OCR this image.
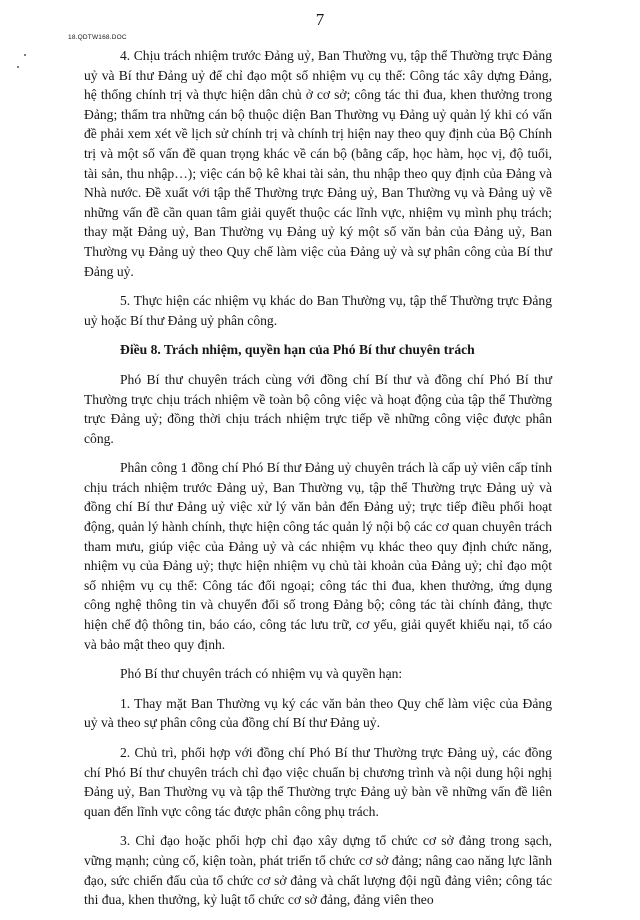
7
18.QDTW168.DOC

4. Chịu trách nhiệm trước Đảng uỷ, Ban Thường vụ, tập thể Thường trực Đảng uỷ và Bí thư Đảng uỷ để chỉ đạo một số nhiệm vụ cụ thể: Công tác xây dựng Đảng, hệ thống chính trị và thực hiện dân chủ ở cơ sở; công tác thi đua, khen thưởng trong Đảng; thẩm tra những cán bộ thuộc diện Ban Thường vụ Đảng uỷ quản lý khi có vấn đề phải xem xét về lịch sử chính trị và chính trị hiện nay theo quy định của Bộ Chính trị và một số vấn đề quan trọng khác về cán bộ (bằng cấp, học hàm, học vị, độ tuổi, tài sản, thu nhập…); việc cán bộ kê khai tài sản, thu nhập theo quy định của Đảng và Nhà nước. Đề xuất với tập thể Thường trực Đảng uỷ, Ban Thường vụ và Đảng uỷ về những vấn đề cần quan tâm giải quyết thuộc các lĩnh vực, nhiệm vụ mình phụ trách; thay mặt Đảng uỷ, Ban Thường vụ Đảng uỷ ký một số văn bản của Đảng uỷ, Ban Thường vụ Đảng uỷ theo Quy chế làm việc của Đảng uỷ và sự phân công của Bí thư Đảng uỷ.

5. Thực hiện các nhiệm vụ khác do Ban Thường vụ, tập thể Thường trực Đảng uỷ hoặc Bí thư Đảng uỷ phân công.

Điều 8. Trách nhiệm, quyền hạn của Phó Bí thư chuyên trách

Phó Bí thư chuyên trách cùng với đồng chí Bí thư và đồng chí Phó Bí thư Thường trực chịu trách nhiệm về toàn bộ công việc và hoạt động của tập thể Thường trực Đảng uỷ; đồng thời chịu trách nhiệm trực tiếp về những công việc được phân công.

Phân công 1 đồng chí Phó Bí thư Đảng uỷ chuyên trách là cấp uỷ viên cấp tỉnh chịu trách nhiệm trước Đảng uỷ, Ban Thường vụ, tập thể Thường trực Đảng uỷ và đồng chí Bí thư Đảng uỷ việc xử lý văn bản đến Đảng uỷ; trực tiếp điều phối hoạt động, quản lý hành chính, thực hiện công tác quản lý nội bộ các cơ quan chuyên trách tham mưu, giúp việc của Đảng uỷ và các nhiệm vụ khác theo quy định chức năng, nhiệm vụ của Đảng uỷ; thực hiện nhiệm vụ chủ tài khoản của Đảng uỷ; chỉ đạo một số nhiệm vụ cụ thể: Công tác đối ngoại; công tác thi đua, khen thưởng, ứng dụng công nghệ thông tin và chuyển đổi số trong Đảng bộ; công tác tài chính đảng, thực hiện chế độ thông tin, báo cáo, công tác lưu trữ, cơ yếu, giải quyết khiếu nại, tố cáo và bảo mật theo quy định.

Phó Bí thư chuyên trách có nhiệm vụ và quyền hạn:

1. Thay mặt Ban Thường vụ ký các văn bản theo Quy chế làm việc của Đảng uỷ và theo sự phân công của đồng chí Bí thư Đảng uỷ.

2. Chủ trì, phối hợp với đồng chí Phó Bí thư Thường trực Đảng uỷ, các đồng chí Phó Bí thư chuyên trách chỉ đạo việc chuẩn bị chương trình và nội dung hội nghị Đảng uỷ, Ban Thường vụ và tập thể Thường trực Đảng uỷ bàn về những vấn đề liên quan đến lĩnh vực công tác được phân công phụ trách.

3. Chỉ đạo hoặc phối hợp chỉ đạo xây dựng tổ chức cơ sở đảng trong sạch, vững mạnh; củng cố, kiện toàn, phát triển tổ chức cơ sở đảng; nâng cao năng lực lãnh đạo, sức chiến đấu của tổ chức cơ sở đảng và chất lượng đội ngũ đảng viên; công tác thi đua, khen thưởng, kỷ luật tổ chức cơ sở đảng, đảng viên theo
